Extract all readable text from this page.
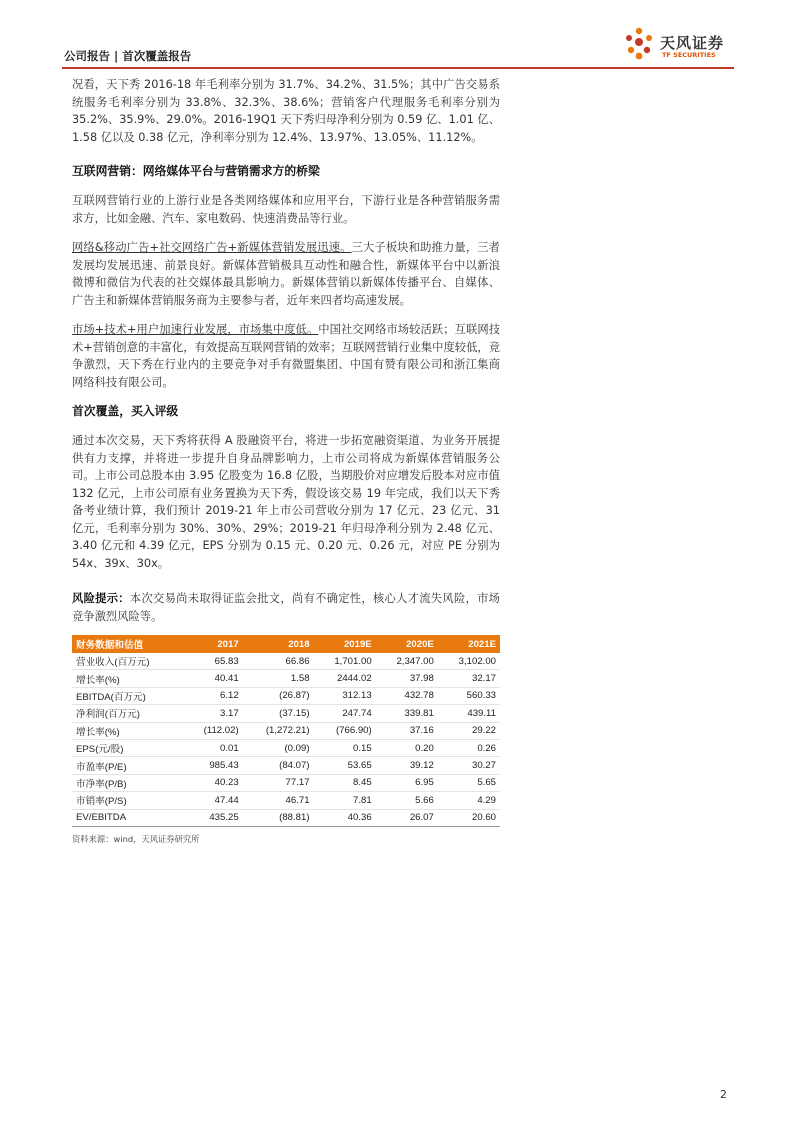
公司报告 | 首次覆盖报告
天风证券
TF SECURITIES

况看，天下秀 2016-18 年毛利率分别为 31.7%、34.2%、31.5%；其中广告交易系统服务毛利率分别为 33.8%、32.3%、38.6%；营销客户代理服务毛利率分别为 35.2%、35.9%、29.0%。2016-19Q1 天下秀归母净利分别为 0.59 亿、1.01 亿、1.58 亿以及 0.38 亿元，净利率分别为 12.4%、13.97%、13.05%、11.12%。

互联网营销：网络媒体平台与营销需求方的桥梁

互联网营销行业的上游行业是各类网络媒体和应用平台，下游行业是各种营销服务需求方，比如金融、汽车、家电数码、快速消费品等行业。

网络&移动广告+社交网络广告+新媒体营销发展迅速。三大子板块和助推力量，三者发展均发展迅速、前景良好。新媒体营销极具互动性和融合性，新媒体平台中以新浪微博和微信为代表的社交媒体最具影响力。新媒体营销以新媒体传播平台、自媒体、广告主和新媒体营销服务商为主要参与者，近年来四者均高速发展。

市场+技术+用户加速行业发展，市场集中度低。中国社交网络市场较活跃；互联网技术+营销创意的丰富化，有效提高互联网营销的效率；互联网营销行业集中度较低，竞争激烈，天下秀在行业内的主要竞争对手有微盟集团、中国有赞有限公司和浙江集商网络科技有限公司。

首次覆盖，买入评级

通过本次交易，天下秀将获得 A 股融资平台，将进一步拓宽融资渠道、为业务开展提供有力支撑，并将进一步提升自身品牌影响力，上市公司将成为新媒体营销服务公司。上市公司总股本由 3.95 亿股变为 16.8 亿股，当期股价对应增发后股本对应市值 132 亿元，上市公司原有业务置换为天下秀，假设该交易 19 年完成，我们以天下秀备考业绩计算，我们预计 2019-21 年上市公司营收分别为 17 亿元、23 亿元、31 亿元，毛利率分别为 30%、30%、29%；2019-21 年归母净利分别为 2.48 亿元、3.40 亿元和 4.39 亿元，EPS 分别为 0.15 元、0.20 元、0.26 元，对应 PE 分别为 54x、39x、30x。

风险提示：本次交易尚未取得证监会批文，尚有不确定性，核心人才流失风险，市场竞争激烈风险等。

财务数据和估值	2017	2018	2019E	2020E	2021E
营业收入(百万元)	65.83	66.86	1,701.00	2,347.00	3,102.00
增长率(%)	40.41	1.58	2444.02	37.98	32.17
EBITDA(百万元)	6.12	(26.87)	312.13	432.78	560.33
净利润(百万元)	3.17	(37.15)	247.74	339.81	439.11
增长率(%)	(112.02)	(1,272.21)	(766.90)	37.16	29.22
EPS(元/股)	0.01	(0.09)	0.15	0.20	0.26
市盈率(P/E)	985.43	(84.07)	53.65	39.12	30.27
市净率(P/B)	40.23	77.17	8.45	6.95	5.65
市销率(P/S)	47.44	46.71	7.81	5.66	4.29
EV/EBITDA	435.25	(88.81)	40.36	26.07	20.60
资料来源：wind，天风证券研究所
2
